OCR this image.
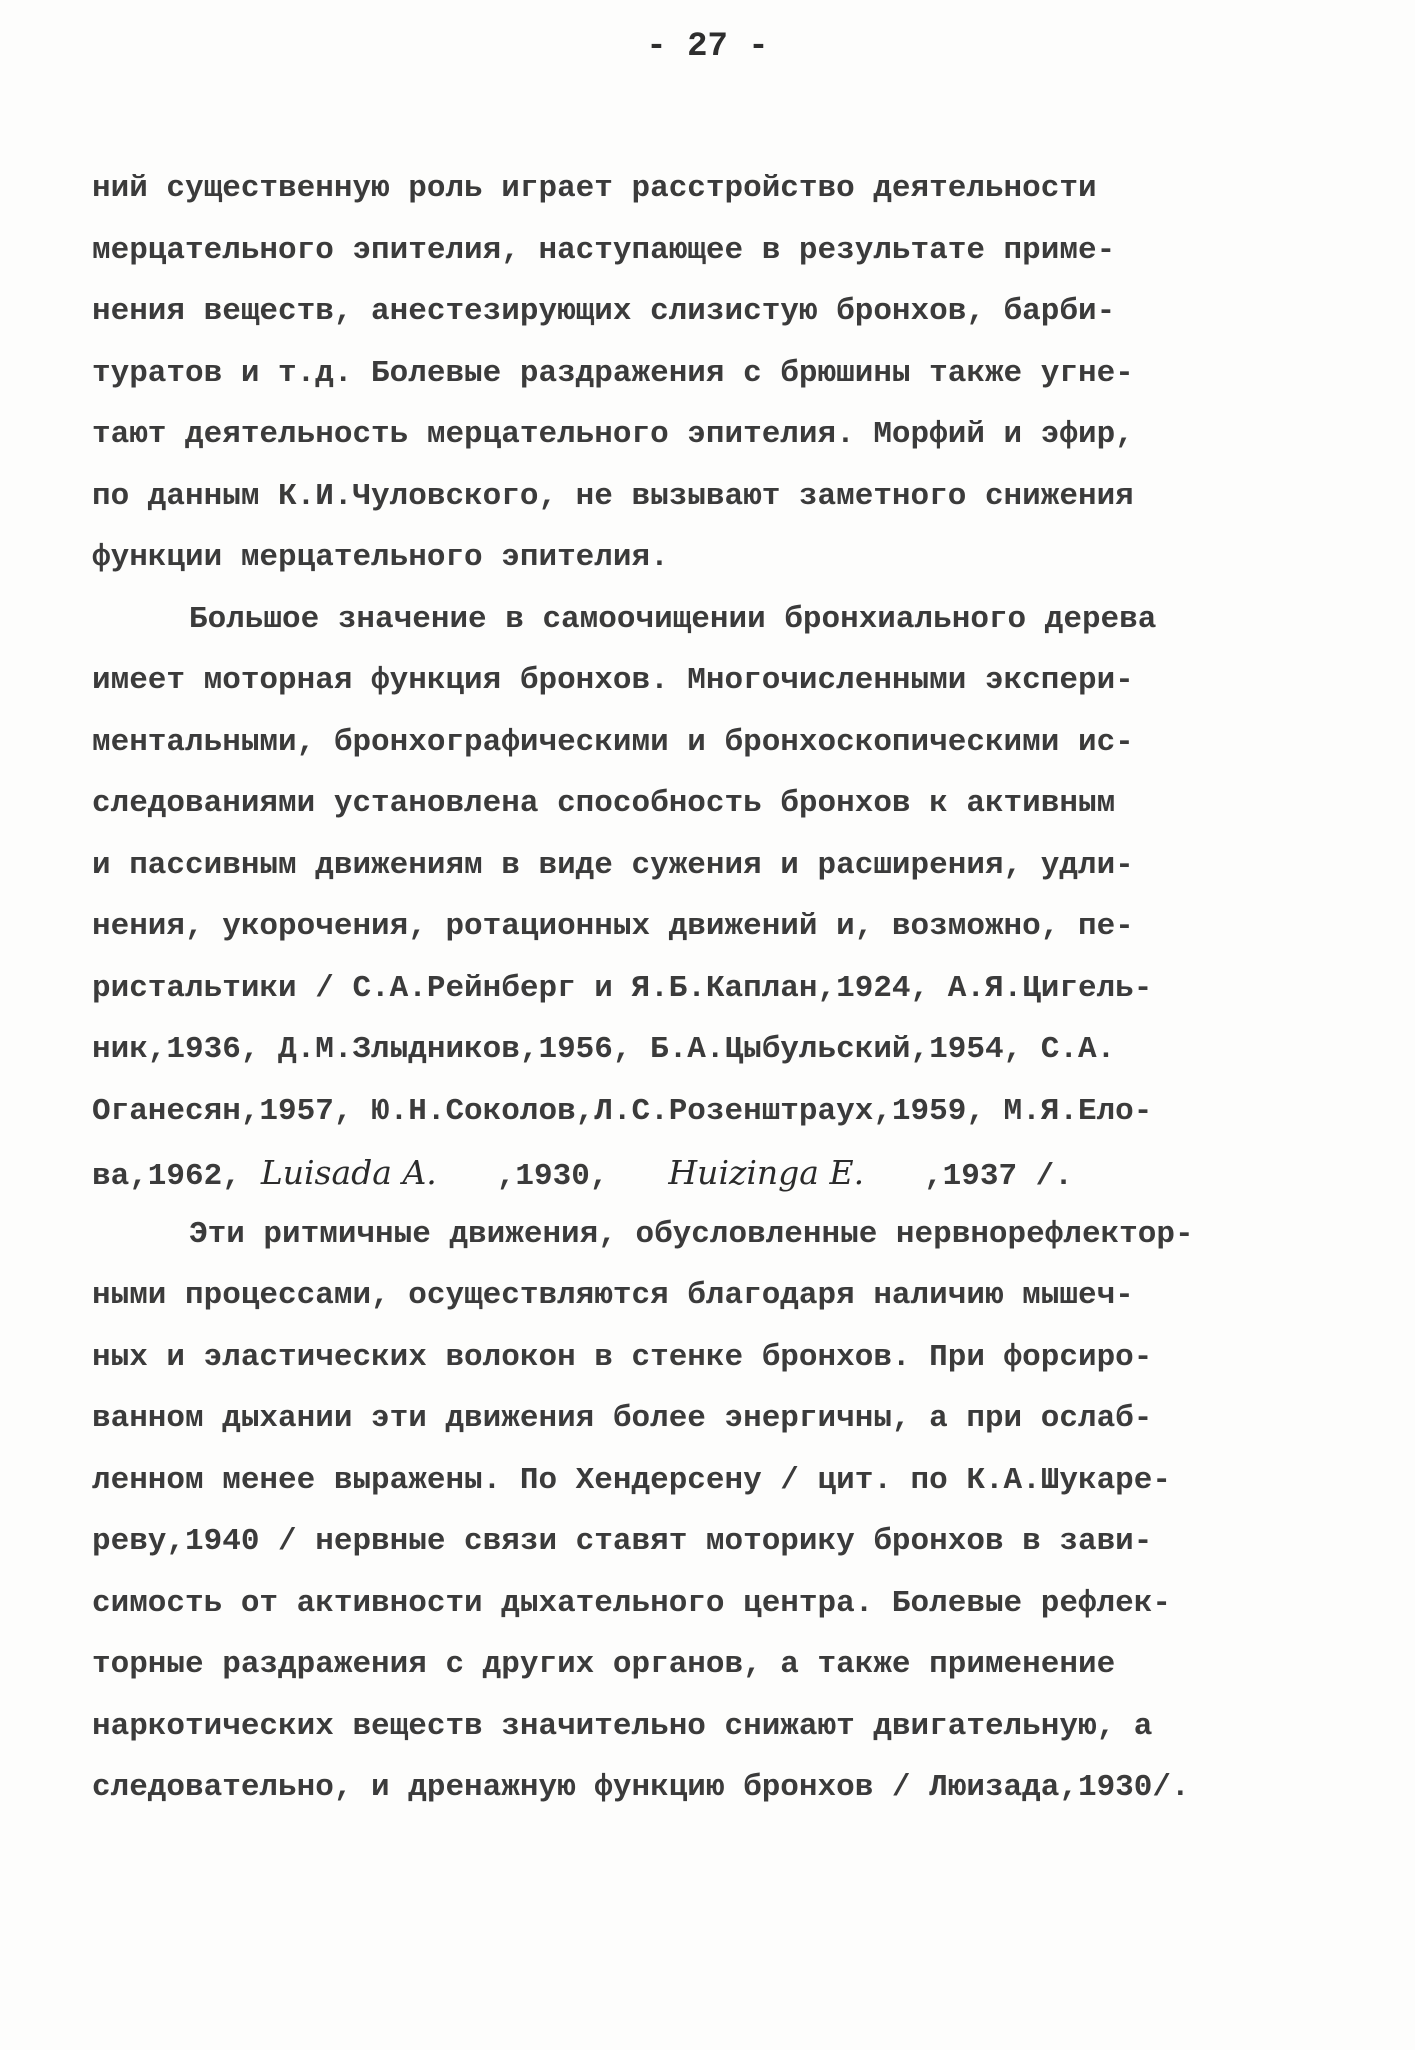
- 27 -
ний существенную роль играет расстройство деятельности
мерцательного эпителия, наступающее в результате приме-
нения веществ, анестезирующих слизистую бронхов, барби-
туратов и т.д. Болевые раздражения с брюшины также угне-
тают деятельность мерцательного эпителия. Морфий и эфир,
по данным К.И.Чуловского, не вызывают заметного снижения
функции мерцательного эпителия.
Большое значение в самоочищении бронхиального дерева
имеет моторная функция бронхов. Многочисленными экспери-
ментальными, бронхографическими и бронхоскопическими ис-
следованиями установлена способность бронхов к активным
и пассивным движениям в виде сужения и расширения, удли-
нения, укорочения, ротационных движений и, возможно, пе-
ристальтики / С.А.Рейнберг и Я.Б.Каплан,1924, А.Я.Цигель-
ник,1936, Д.М.Злыдников,1956, Б.А.Цыбульский,1954, С.А.
Оганесян,1957, Ю.Н.Соколов,Л.С.Розенштраух,1959, М.Я.Ело-
ва,1962, Luisada A. ,1930, Huizinga E. ,1937 /.
Эти ритмичные движения, обусловленные нервнорефлектор-
ными процессами, осуществляются благодаря наличию мышеч-
ных и эластических волокон в стенке бронхов. При форсиро-
ванном дыхании эти движения более энергичны, а при ослаб-
ленном менее выражены. По Хендерсену / цит. по К.А.Шукаре-
реву,1940 / нервные связи ставят моторику бронхов в зави-
симость от активности дыхательного центра. Болевые рефлек-
торные раздражения с других органов, а также применение
наркотических веществ значительно снижают двигательную, а
следовательно, и дренажную функцию бронхов / Люизада,1930/.
